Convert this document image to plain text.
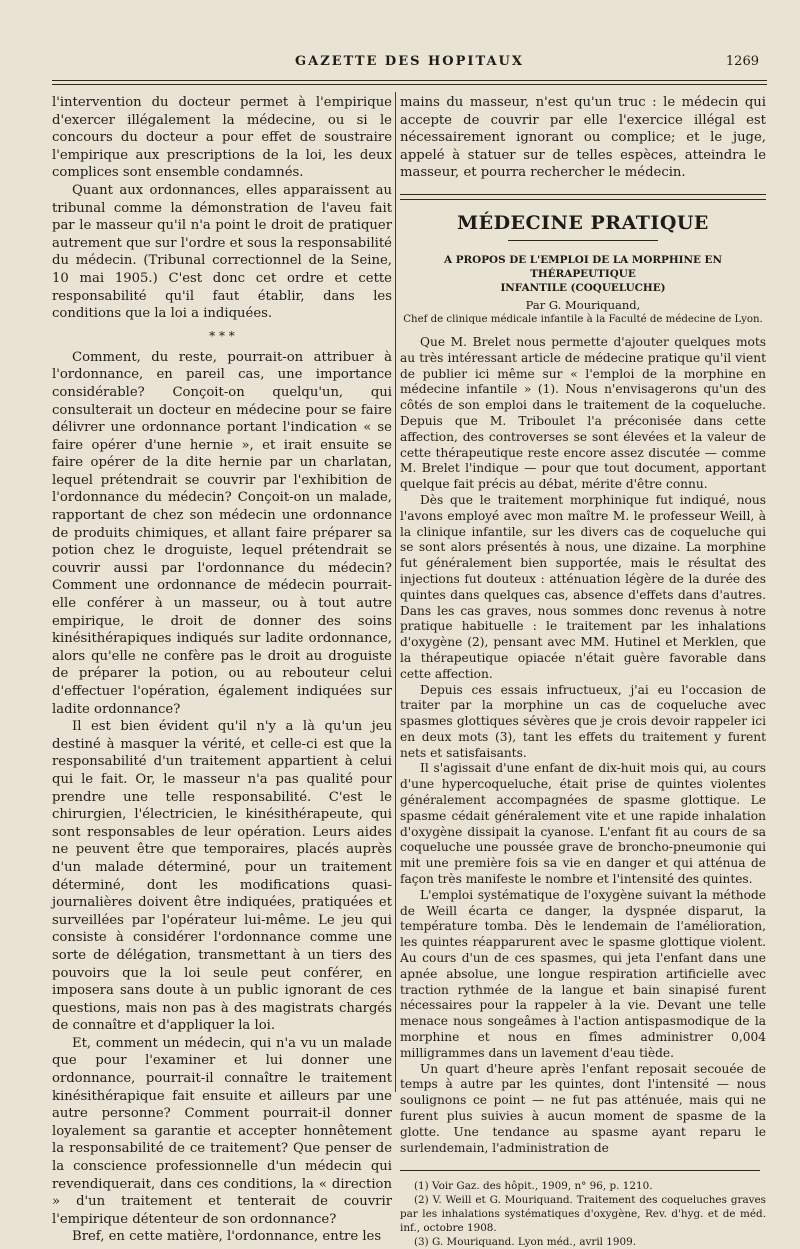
GAZETTE DES HOPITAUX	1269

l'intervention du docteur permet à l'empirique d'exercer illégalement la médecine, ou si le concours du docteur a pour effet de soustraire l'empirique aux prescriptions de la loi, les deux complices sont ensemble condamnés.

Quant aux ordonnances, elles apparaissent au tribunal comme la démonstration de l'aveu fait par le masseur qu'il n'a point le droit de pratiquer autrement que sur l'ordre et sous la responsabilité du médecin. (Tribunal correctionnel de la Seine, 10 mai 1905.) C'est donc cet ordre et cette responsabilité qu'il faut établir, dans les conditions que la loi a indiquées.

* * *

Comment, du reste, pourrait-on attribuer à l'ordonnance, en pareil cas, une importance considérable? Conçoit-on quelqu'un, qui consulterait un docteur en médecine pour se faire délivrer une ordonnance portant l'indication « se faire opérer d'une hernie », et irait ensuite se faire opérer de la dite hernie par un charlatan, lequel prétendrait se couvrir par l'exhibition de l'ordonnance du médecin? Conçoit-on un malade, rapportant de chez son médecin une ordonnance de produits chimiques, et allant faire préparer sa potion chez le droguiste, lequel prétendrait se couvrir aussi par l'ordonnance du médecin? Comment une ordonnance de médecin pourrait-elle conférer à un masseur, ou à tout autre empirique, le droit de donner des soins kinésithérapiques indiqués sur ladite ordonnance, alors qu'elle ne confère pas le droit au droguiste de préparer la potion, ou au rebouteur celui d'effectuer l'opération, également indiquées sur ladite ordonnance?

Il est bien évident qu'il n'y a là qu'un jeu destiné à masquer la vérité, et celle-ci est que la responsabilité d'un traitement appartient à celui qui le fait. Or, le masseur n'a pas qualité pour prendre une telle responsabilité. C'est le chirurgien, l'électricien, le kinésithérapeute, qui sont responsables de leur opération. Leurs aides ne peuvent être que temporaires, placés auprès d'un malade déterminé, pour un traitement déterminé, dont les modifications quasi-journalières doivent être indiquées, pratiquées et surveillées par l'opérateur lui-même. Le jeu qui consiste à considérer l'ordonnance comme une sorte de délégation, transmettant à un tiers des pouvoirs que la loi seule peut conférer, en imposera sans doute à un public ignorant de ces questions, mais non pas à des magistrats chargés de connaître et d'appliquer la loi.

Et, comment un médecin, qui n'a vu un malade que pour l'examiner et lui donner une ordonnance, pourrait-il connaître le traitement kinésithérapique fait ensuite et ailleurs par une autre personne? Comment pourrait-il donner loyalement sa garantie et accepter honnêtement la responsabilité de ce traitement? Que penser de la conscience professionnelle d'un médecin qui revendiquerait, dans ces conditions, la « direction » d'un traitement et tenterait de couvrir l'empirique détenteur de son ordonnance?

Bref, en cette matière, l'ordonnance, entre les

mains du masseur, n'est qu'un truc : le médecin qui accepte de couvrir par elle l'exercice illégal est nécessairement ignorant ou complice; et le juge, appelé à statuer sur de telles espèces, atteindra le masseur, et pourra rechercher le médecin.

MÉDECINE PRATIQUE
A PROPOS DE L'EMPLOI DE LA MORPHINE EN THÉRAPEUTIQUE
INFANTILE (COQUELUCHE)
Par G. Mouriquand,
Chef de clinique médicale infantile à la Faculté de médecine de Lyon.

Que M. Brelet nous permette d'ajouter quelques mots au très intéressant article de médecine pratique qu'il vient de publier ici même sur « l'emploi de la morphine en médecine infantile » (1). Nous n'envisagerons qu'un des côtés de son emploi dans le traitement de la coqueluche. Depuis que M. Triboulet l'a préconisée dans cette affection, des controverses se sont élevées et la valeur de cette thérapeutique reste encore assez discutée — comme M. Brelet l'indique — pour que tout document, apportant quelque fait précis au débat, mérite d'être connu.

Dès que le traitement morphinique fut indiqué, nous l'avons employé avec mon maître M. le professeur Weill, à la clinique infantile, sur les divers cas de coqueluche qui se sont alors présentés à nous, une dizaine. La morphine fut généralement bien supportée, mais le résultat des injections fut douteux : atténuation légère de la durée des quintes dans quelques cas, absence d'effets dans d'autres. Dans les cas graves, nous sommes donc revenus à notre pratique habituelle : le traitement par les inhalations d'oxygène (2), pensant avec MM. Hutinel et Merklen, que la thérapeutique opiacée n'était guère favorable dans cette affection.

Depuis ces essais infructueux, j'ai eu l'occasion de traiter par la morphine un cas de coqueluche avec spasmes glottiques sévères que je crois devoir rappeler ici en deux mots (3), tant les effets du traitement y furent nets et satisfaisants.

Il s'agissait d'une enfant de dix-huit mois qui, au cours d'une hypercoqueluche, était prise de quintes violentes généralement accompagnées de spasme glottique. Le spasme cédait généralement vite et une rapide inhalation d'oxygène dissipait la cyanose. L'enfant fit au cours de sa coqueluche une poussée grave de broncho-pneumonie qui mit une première fois sa vie en danger et qui atténua de façon très manifeste le nombre et l'intensité des quintes.

L'emploi systématique de l'oxygène suivant la méthode de Weill écarta ce danger, la dyspnée disparut, la température tomba. Dès le lendemain de l'amélioration, les quintes réapparurent avec le spasme glottique violent. Au cours d'un de ces spasmes, qui jeta l'enfant dans une apnée absolue, une longue respiration artificielle avec traction rythmée de la langue et bain sinapisé furent nécessaires pour la rappeler à la vie. Devant une telle menace nous songeâmes à l'action antispasmodique de la morphine et nous en fîmes administrer 0,004 milligrammes dans un lavement d'eau tiède.

Un quart d'heure après l'enfant reposait secouée de temps à autre par les quintes, dont l'intensité — nous soulignons ce point — ne fut pas atténuée, mais qui ne furent plus suivies à aucun moment de spasme de la glotte. Une tendance au spasme ayant reparu le surlendemain, l'administration de

(1) Voir Gaz. des hôpit., 1909, n° 96, p. 1210.

(2) V. Weill et G. Mouriquand. Traitement des coqueluches graves par les inhalations systématiques d'oxygène, Rev. d'hyg. et de méd. inf., octobre 1908.

(3) G. Mouriquand. Lyon méd., avril 1909.
